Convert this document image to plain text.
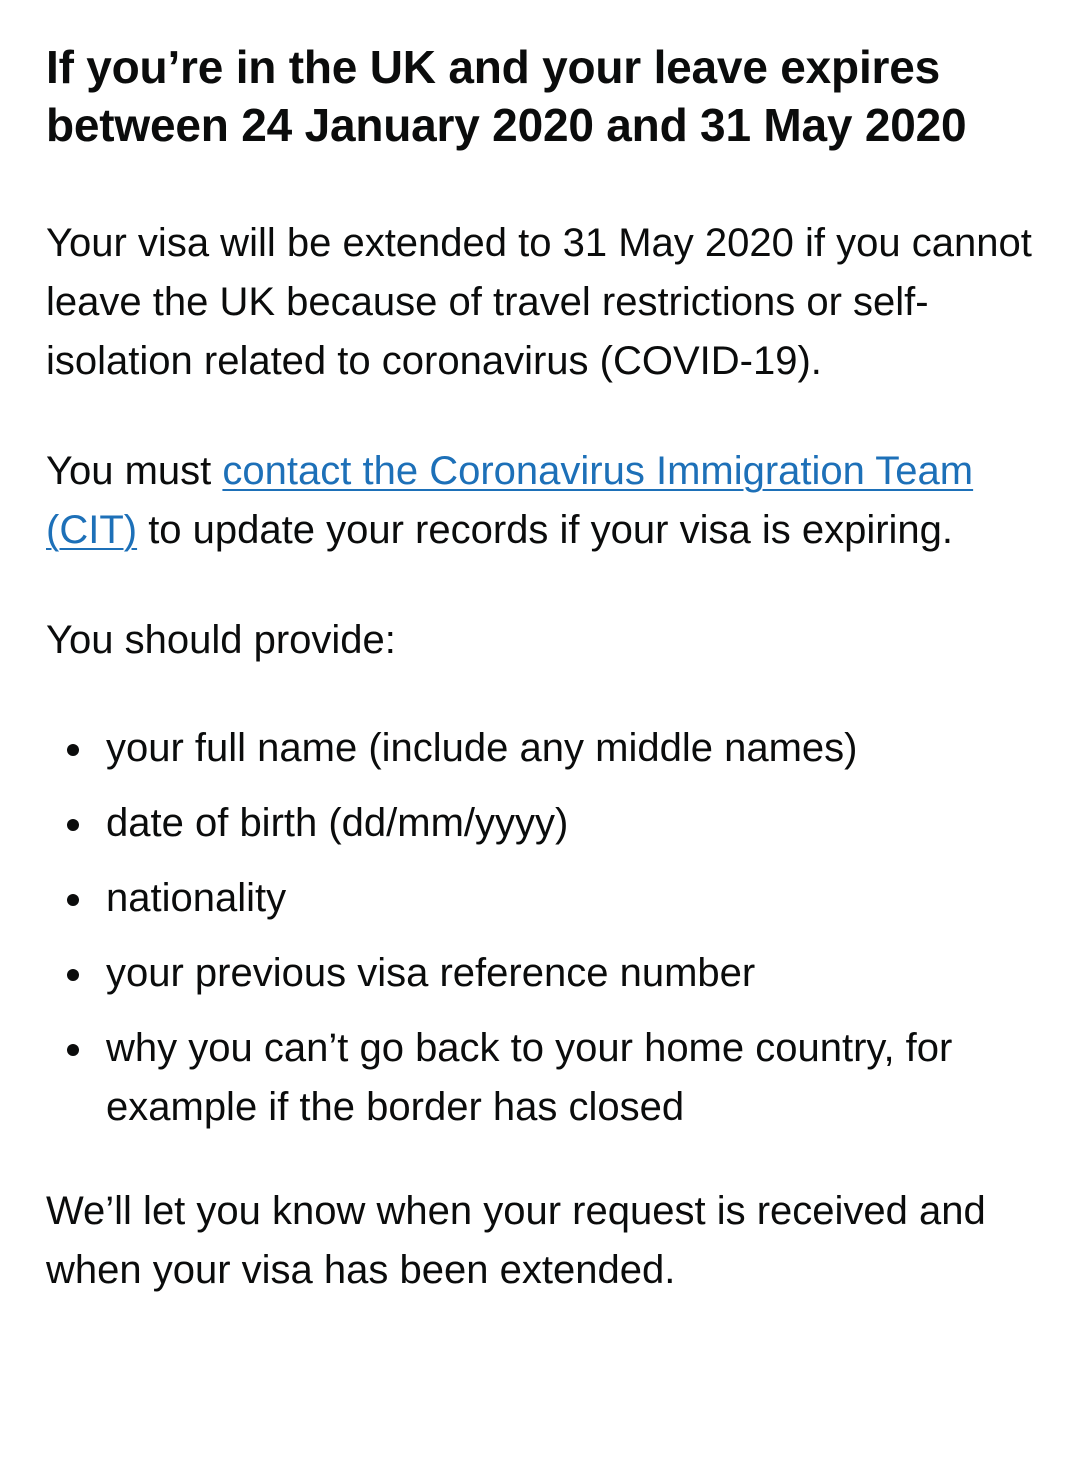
If you’re in the UK and your leave expires between 24 January 2020 and 31 May 2020

Your visa will be extended to 31 May 2020 if you cannot leave the UK because of travel restrictions or self-isolation related to coronavirus (COVID-19).

You must contact the Coronavirus Immigration Team (CIT) to update your records if your visa is expiring.

You should provide:

your full name (include any middle names)
date of birth (dd/mm/yyyy)
nationality
your previous visa reference number
why you can’t go back to your home country, for example if the border has closed

We’ll let you know when your request is received and when your visa has been extended.
